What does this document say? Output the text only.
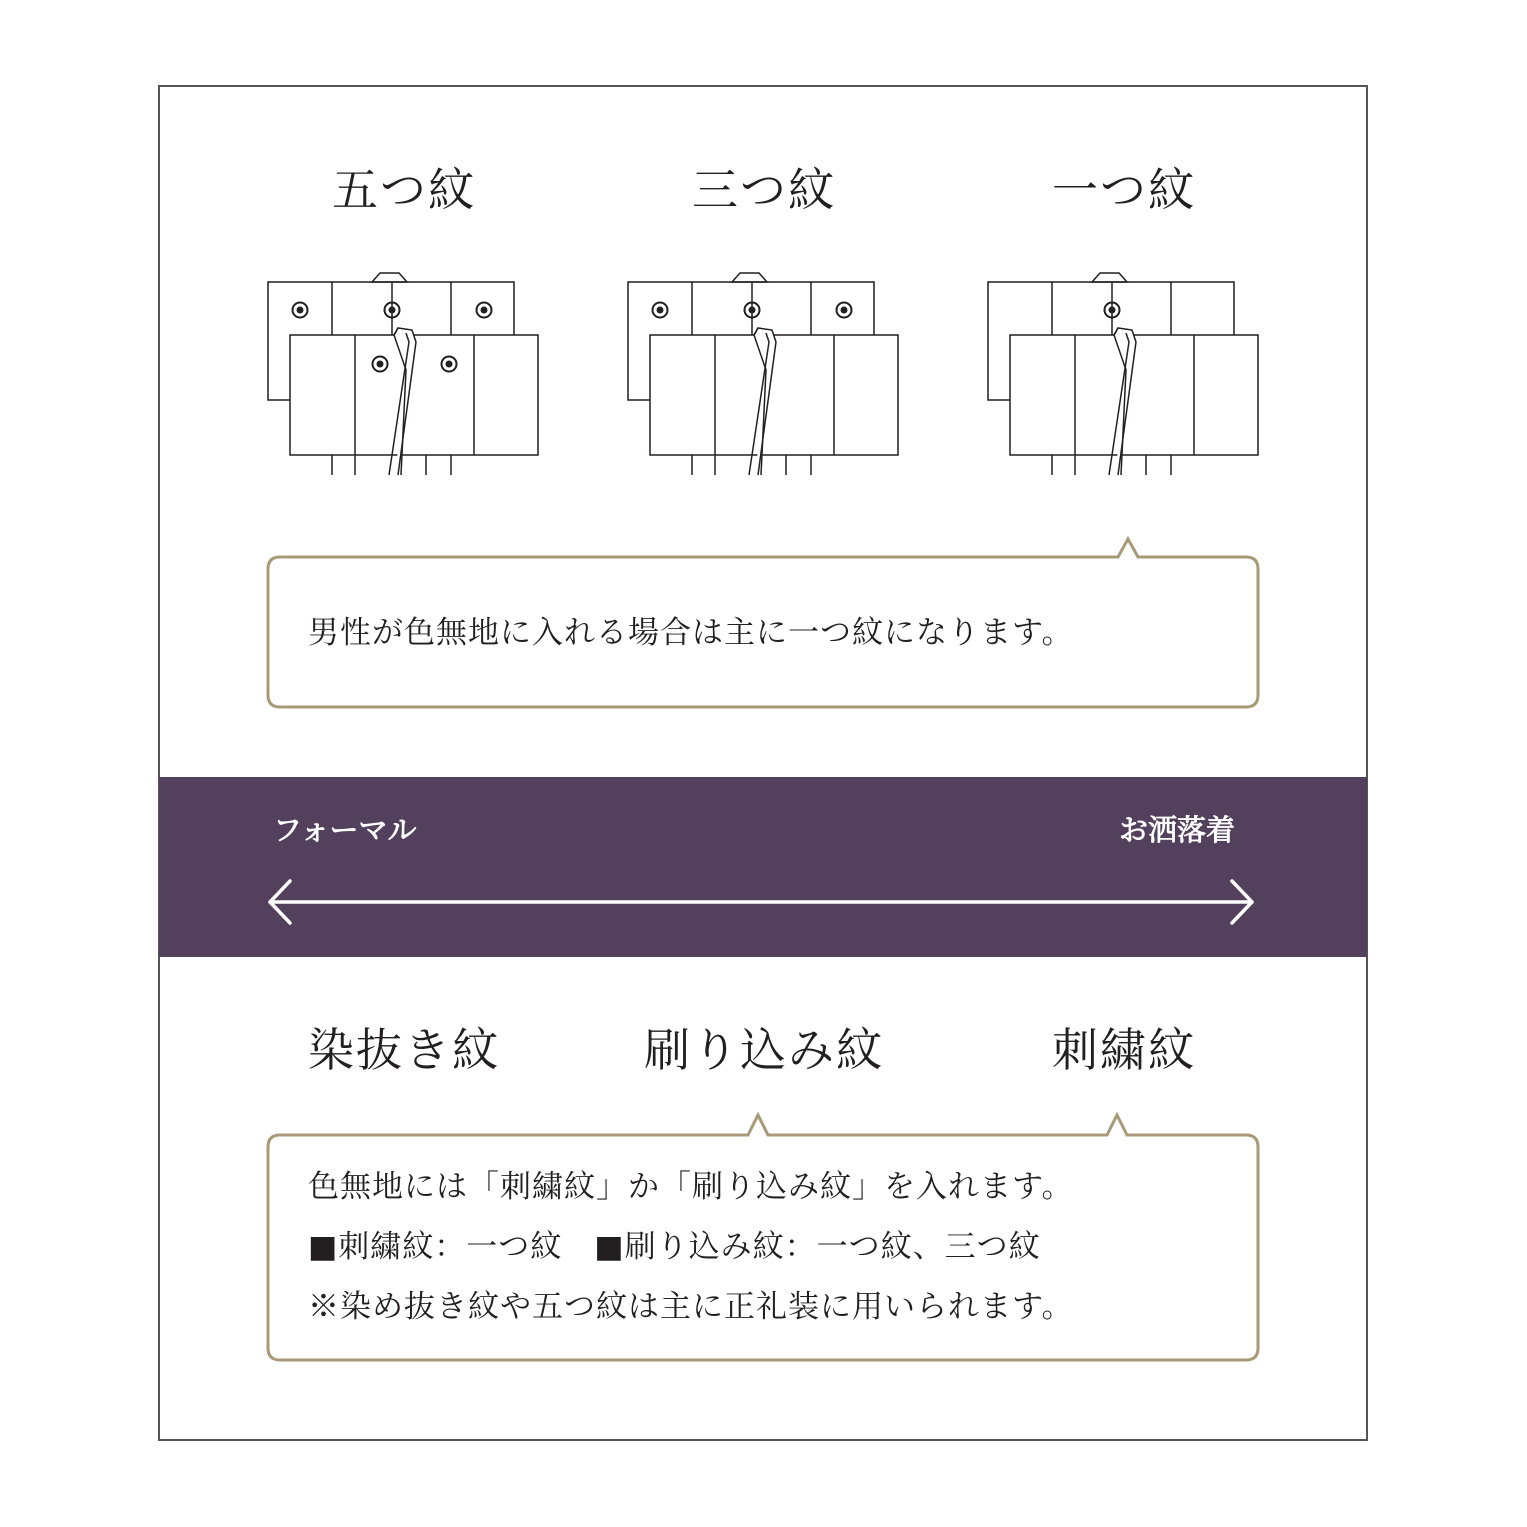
五つ紋	三つ紋	一つ紋
男性が色無地に入れる場合は主に一つ紋になります。
フォーマル	お洒落着
染抜き紋	刷り込み紋	刺繍紋
色無地には「刺繍紋」か「刷り込み紋」を入れます。
■刺繍紋：一つ紋　■刷り込み紋：一つ紋、三つ紋
※染め抜き紋や五つ紋は主に正礼装に用いられます。
